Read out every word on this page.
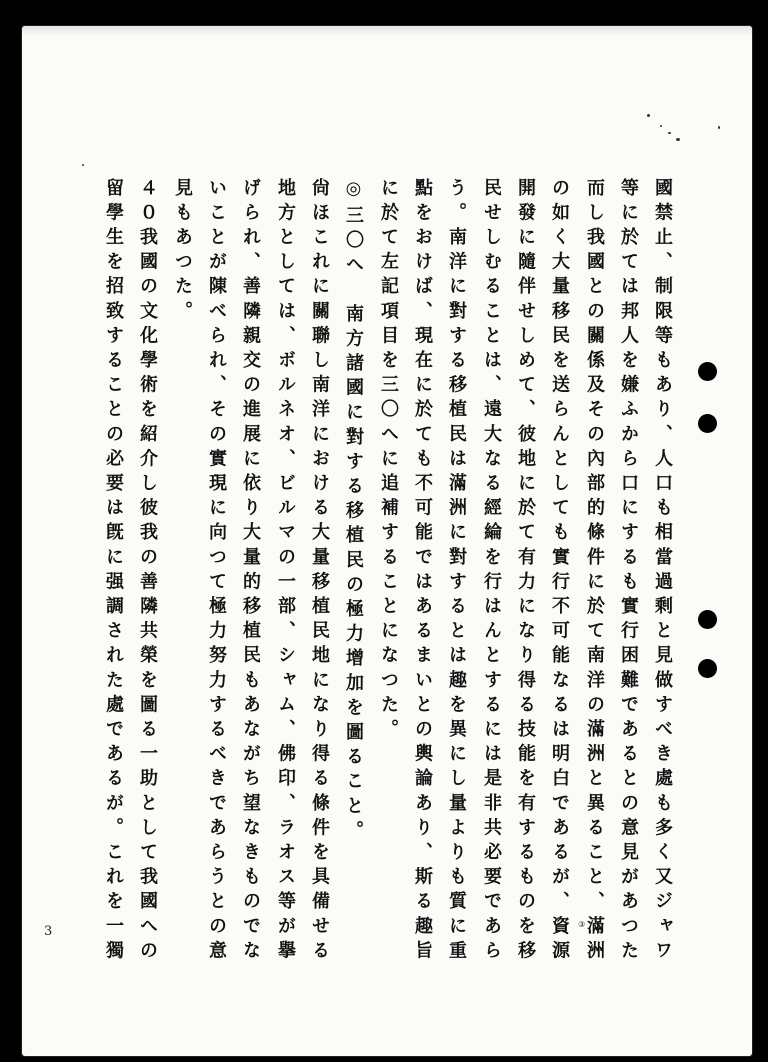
國禁止、制限等もあり、人口も相當過剩と見做すべき處も多く又ジャワ
等に於ては邦人を嫌ふから口にするも實行困難であるとの意見があつた
而し我國との關係及その內部的條件に於て南洋の滿洲と異ること、滿洲
の如く大量移民を送らんとしても實行不可能なるは明白であるが、資源
開發に隨伴せしめて、彼地に於て有力になり得る技能を有するものを移
民せしむることは、遠大なる經綸を行はんとするには是非共必要であら
う。南洋に對する移植民は滿洲に對するとは趣を異にし量よりも質に重
點をおけば、現在に於ても不可能ではあるまいとの輿論あり、斯る趣旨
に於て左記項目を三〇へに追補することになつた。
◎三〇へ　南方諸國に對する移植民の極力增加を圖ること。
尙ほこれに關聯し南洋における大量移植民地になり得る條件を具備せる
地方としては、ボルネオ、ビルマの一部、シャム、佛印、ラオス等が擧
げられ、善隣親交の進展に依り大量的移植民もあながち望なきものでな
いことが陳べられ、その實現に向つて極力努力するべきであらうとの意
見もあつた。
４０我國の文化學術を紹介し彼我の善隣共榮を圖る一助として我國への
留學生を招致することの必要は旣に强調された處であるが。これを一獨	③
3
